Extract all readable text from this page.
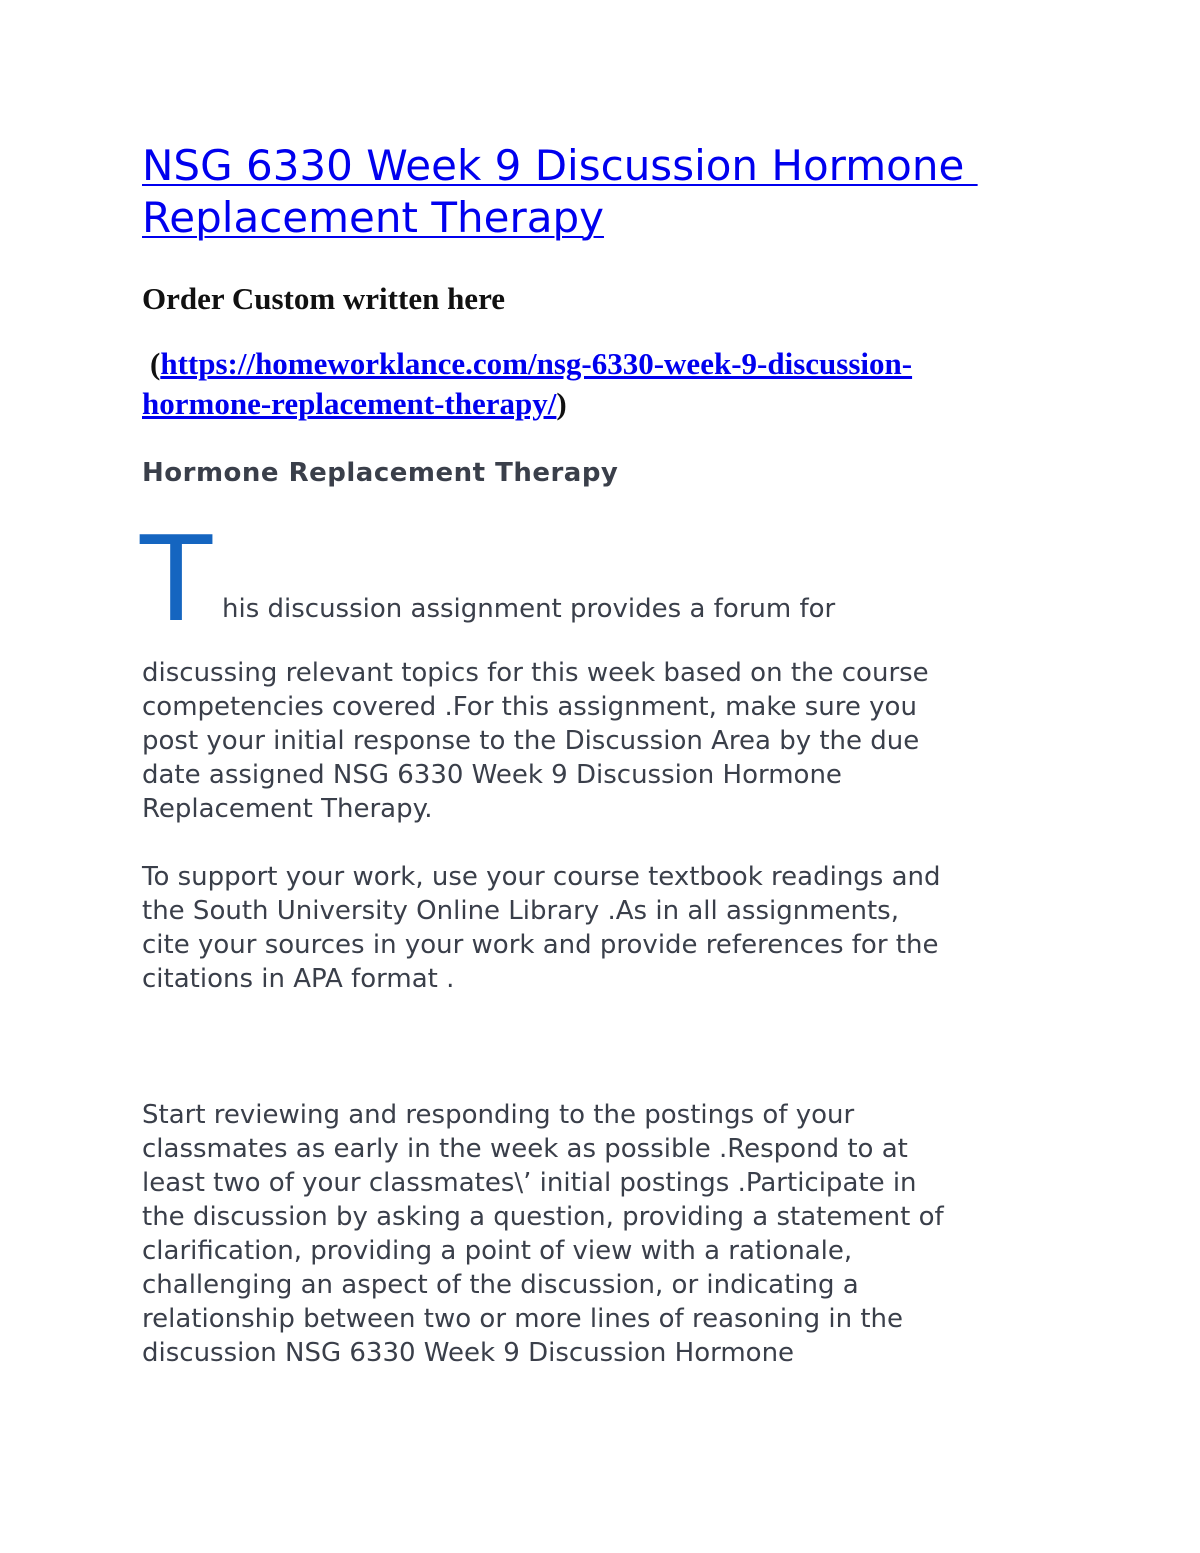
NSG 6330 Week 9 Discussion Hormone
Replacement Therapy

Order Custom written here

(https://homeworklance.com/nsg-6330-week-9-discussion-
hormone-replacement-therapy/)

Hormone Replacement Therapy

T his discussion assignment provides a forum for

discussing relevant topics for this week based on the course
competencies covered .For this assignment, make sure you
post your initial response to the Discussion Area by the due
date assigned NSG 6330 Week 9 Discussion Hormone
Replacement Therapy.

To support your work, use your course textbook readings and
the South University Online Library .As in all assignments,
cite your sources in your work and provide references for the
citations in APA format .

Start reviewing and responding to the postings of your
classmates as early in the week as possible .Respond to at
least two of your classmates\’ initial postings .Participate in
the discussion by asking a question, providing a statement of
clarification, providing a point of view with a rationale,
challenging an aspect of the discussion, or indicating a
relationship between two or more lines of reasoning in the
discussion NSG 6330 Week 9 Discussion Hormone
